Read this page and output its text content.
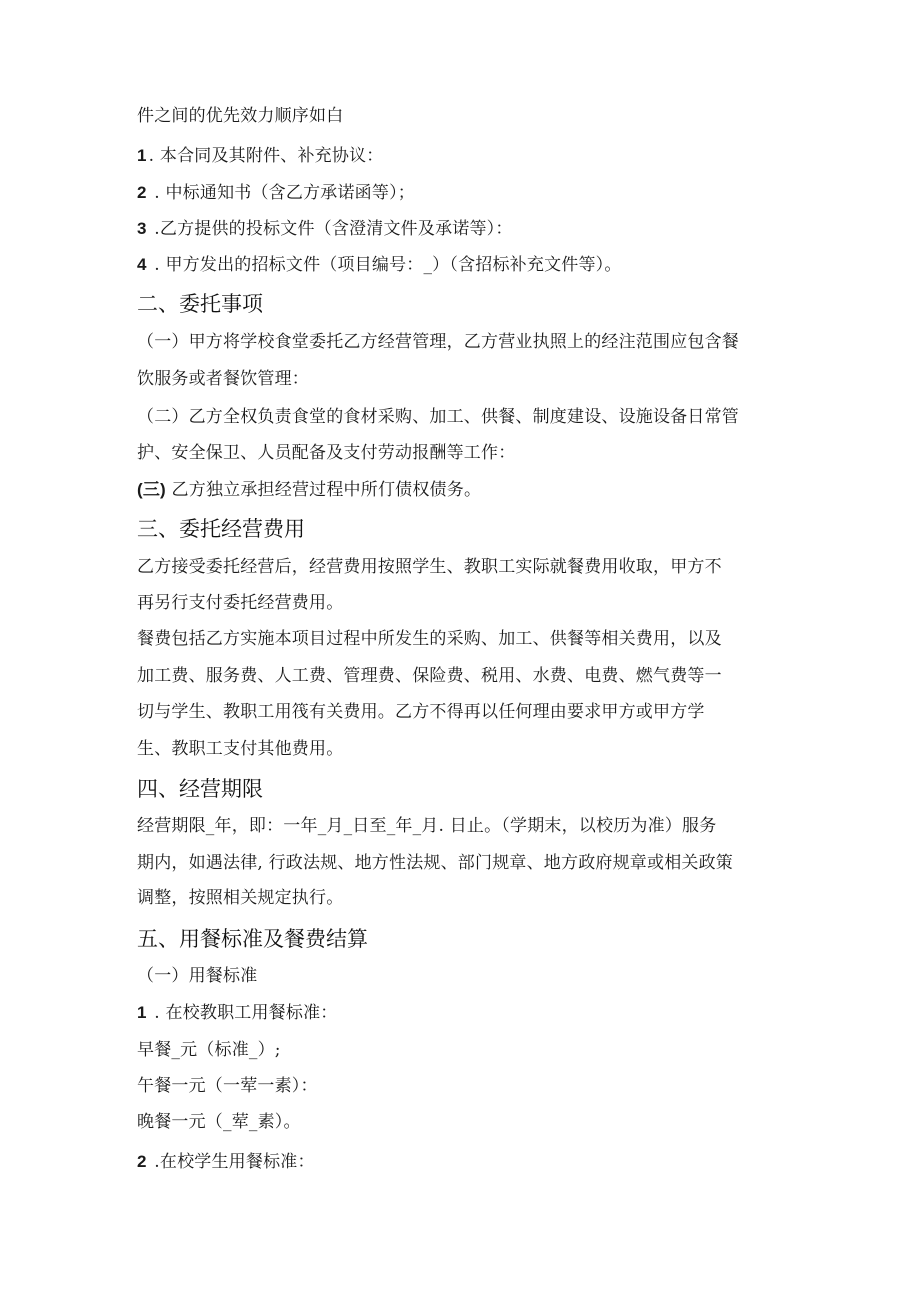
件之间的优先效力顺序如白
1 . 本合同及其附件、补充协议：
2 . 中标通知书（含乙方承诺函等）；
3 .乙方提供的投标文件（含澄清文件及承诺等）：
4 . 甲方发出的招标文件（项目编号：_）（含招标补充文件等）。
二、委托事项
（一）甲方将学校食堂委托乙方经营管理，乙方营业执照上的经注范围应包含餐
饮服务或者餐饮管理：
（二）乙方全权负责食堂的食材采购、加工、供餐、制度建设、设施设备日常管
护、安全保卫、人员配备及支付劳动报酬等工作：
(三) 乙方独立承担经营过程中所仃债权债务。
三、委托经营费用
乙方接受委托经营后，经营费用按照学生、教职工实际就餐费用收取，甲方不
再另行支付委托经营费用。
餐费包括乙方实施本项目过程中所发生的采购、加工、供餐等相关费用，以及
加工费、服务费、人工费、管理费、保险费、税用、水费、电费、燃气费等一
切与学生、教职工用筏有关费用。乙方不得再以任何理由要求甲方或甲方学
生、教职工支付其他费用。
四、经营期限
经营期限_年，即：一年_月_日至_年_月. 日止。（学期末，以校历为准）服务
期内，如遇法律, 行政法规、地方性法规、部门规章、地方政府规章或相关政策
调整，按照相关规定执行。
五、用餐标准及餐费结算
（一）用餐标准
1 . 在校教职工用餐标准：
早餐_元（标准_）;
午餐一元（一荤一素）：
晚餐一元（_荤_素）。
2 .在校学生用餐标准：
